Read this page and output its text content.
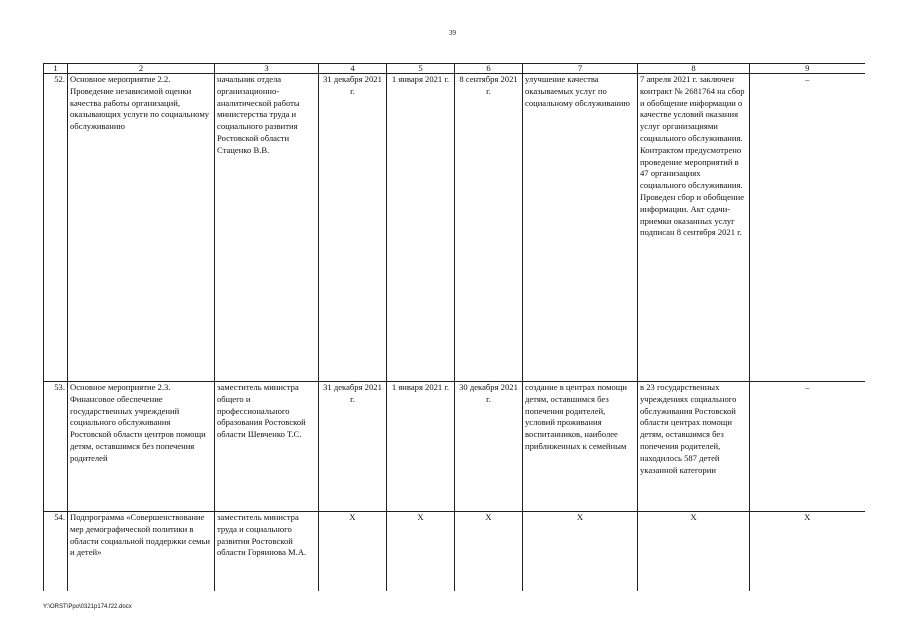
39
1	2	3	4	5	6	7	8	9
52.	Основное мероприятие 2.2. Проведение независимой оценки качества работы организаций, оказывающих услуги по социальному обслуживанию	начальник отдела организационно-аналитической работы министерства труда и социального развития Ростовской области Стаценко В.В.	31 декабря 2021 г.	1 января 2021 г.	8 сентября 2021 г.	улучшение качества оказываемых услуг по социальному обслуживанию	7 апреля 2021 г. заключен контракт № 2681764 на сбор и обобщение информации о качестве условий оказания услуг организациями социального обслуживания. Контрактом предусмотрено проведение мероприятий в 47 организациях социального обслуживания. Проведен сбор и обобщение информации. Акт сдачи-приемки оказанных услуг подписан 8 сентября 2021 г.	–
53.	Основное мероприятие 2.3. Финансовое обеспечение государственных учреждений социального обслуживания Ростовской области центров помощи детям, оставшимся без попечения родителей	заместитель министра общего и профессионального образования Ростовской области Шевченко Т.С.	31 декабря 2021 г.	1 января 2021 г.	30 декабря 2021 г.	создание в центрах помощи детям, оставшимся без попечения родителей, условий проживания воспитанников, наиболее приближенных к семейным	в 23 государственных учреждениях социального обслуживания Ростовской области центрах помощи детям, оставшимся без попечения родителей, находилось 587 детей указанной категории	–
54.	Подпрограмма «Совершенствование мер демографической политики в области социальной поддержки семьи и детей»	заместитель министра труда и социального развития Ростовской области Горяинова М.А.	X	X	X	X	X	X
Y:\ORST\Ppo\0321p174.f22.docx
